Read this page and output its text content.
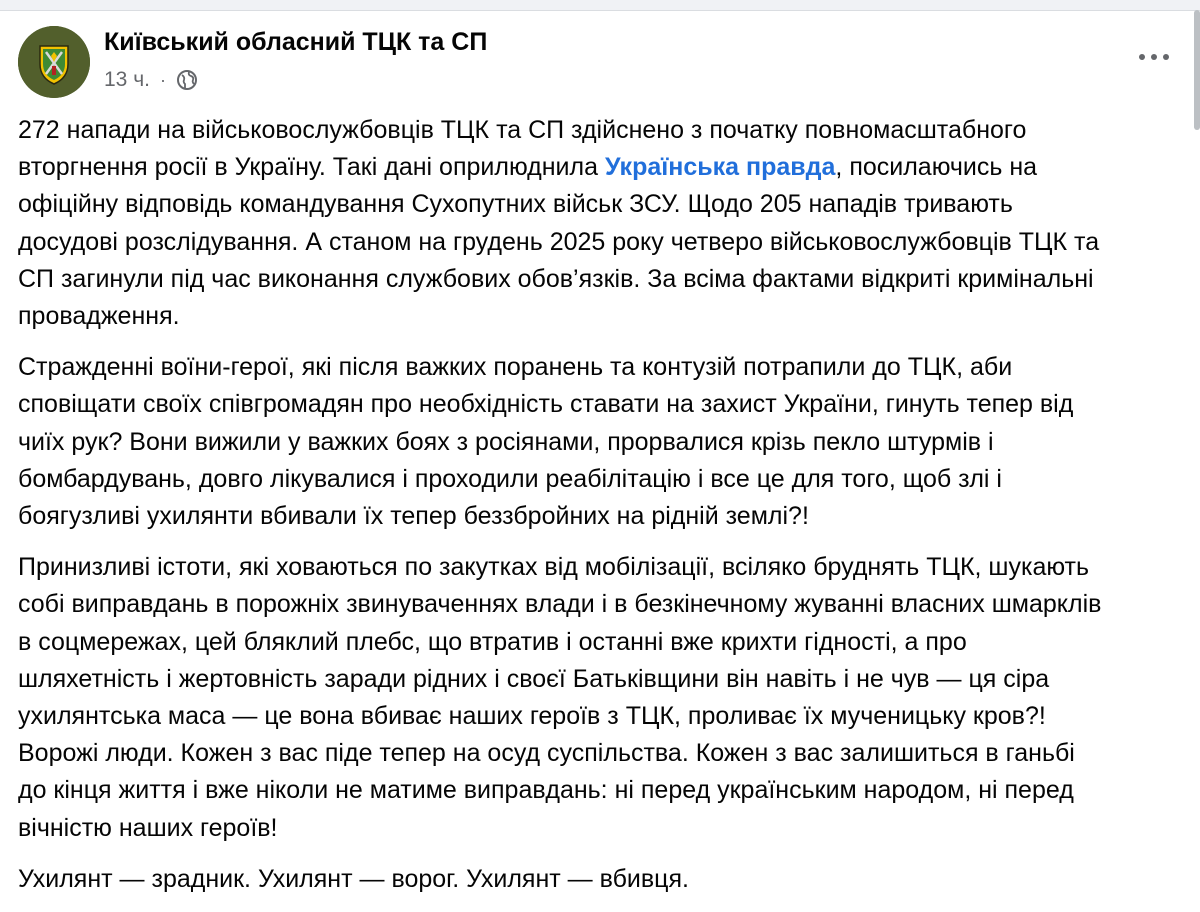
Київський обласний ТЦК та СП
13 ч. ·

272 напади на військовослужбовців ТЦК та СП здійснено з початку повномасштабного
вторгнення росії в Україну. Такі дані оприлюднила Українська правда, посилаючись на
офіційну відповідь командування Сухопутних військ ЗСУ. Щодо 205 нападів тривають
досудові розслідування. А станом на грудень 2025 року четверо військовослужбовців ТЦК та
СП загинули під час виконання службових обов’язків. За всіма фактами відкриті кримінальні
провадження.

Стражденні воїни-герої, які після важких поранень та контузій потрапили до ТЦК, аби
сповіщати своїх співгромадян про необхідність ставати на захист України, гинуть тепер від
чиїх рук? Вони вижили у важких боях з росіянами, прорвалися крізь пекло штурмів і
бомбардувань, довго лікувалися і проходили реабілітацію і все це для того, щоб злі і
боягузливі ухилянти вбивали їх тепер беззбройних на рідній землі?!

Принизливі істоти, які ховаються по закутках від мобілізації, всіляко бруднять ТЦК, шукають
собі виправдань в порожніх звинуваченнях влади і в безкінечному жуванні власних шмарклів
в соцмережах, цей бляклий плебс, що втратив і останні вже крихти гідності, а про
шляхетність і жертовність заради рідних і своєї Батьківщини він навіть і не чув — ця сіра
ухилянтська маса — це вона вбиває наших героїв з ТЦК, проливає їх мученицьку кров?!
Ворожі люди. Кожен з вас піде тепер на осуд суспільства. Кожен з вас залишиться в ганьбі
до кінця життя і вже ніколи не матиме виправдань: ні перед українським народом, ні перед
вічністю наших героїв!

Ухилянт — зрадник. Ухилянт — ворог. Ухилянт — вбивця.
